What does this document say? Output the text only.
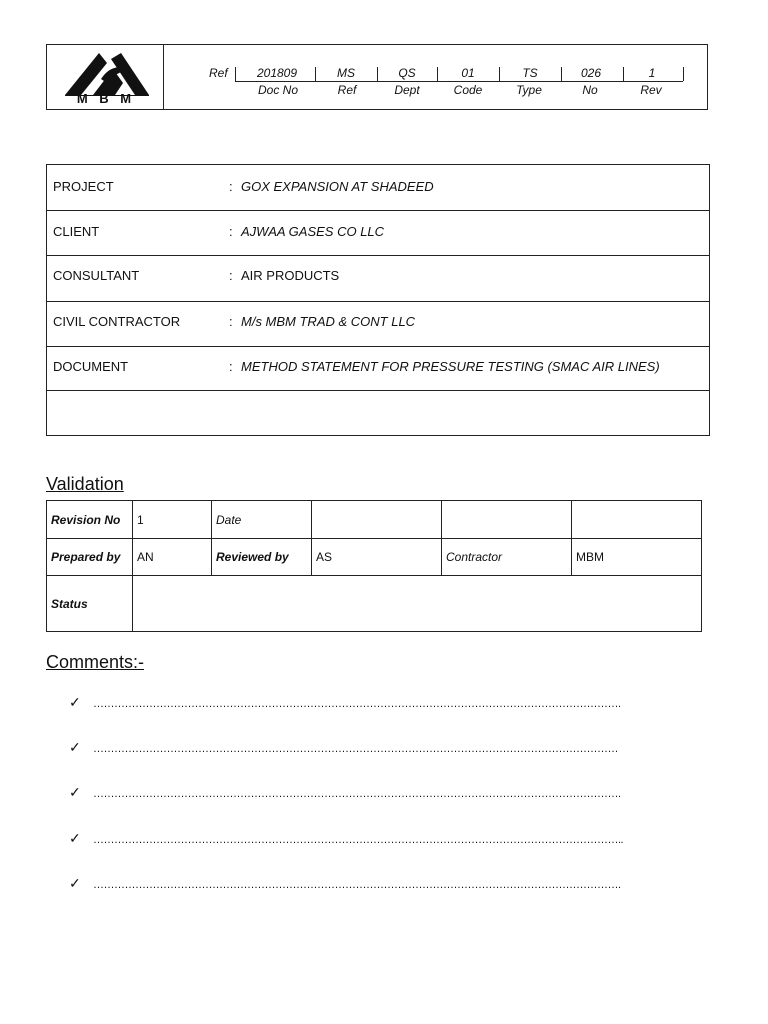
M B M
Ref	201809	MS	QS	01	TS	026	1
Doc No	Ref	Dept	Code	Type	No	Rev
PROJECT	: GOX EXPANSION AT SHADEED
CLIENT	: AJWAA GASES CO LLC
CONSULTANT	: AIR PRODUCTS
CIVIL CONTRACTOR	: M/s MBM TRAD & CONT LLC
DOCUMENT	: METHOD STATEMENT FOR PRESSURE TESTING (SMAC AIR LINES)
Validation
Revision No	1	Date			
Prepared by	AN	Reviewed by	AS	Contractor	MBM
Status					
Comments:-
✓ …………………………………………………………………………………………………………………………………….
✓ ……………………………………………………………………………………………………………………………………
✓ …………………………………………………………………………………………………………………………………….
✓ ……………………………………………………………………………………………………………………………………..
✓ …………………………………………………………………………………………………………………………………….
